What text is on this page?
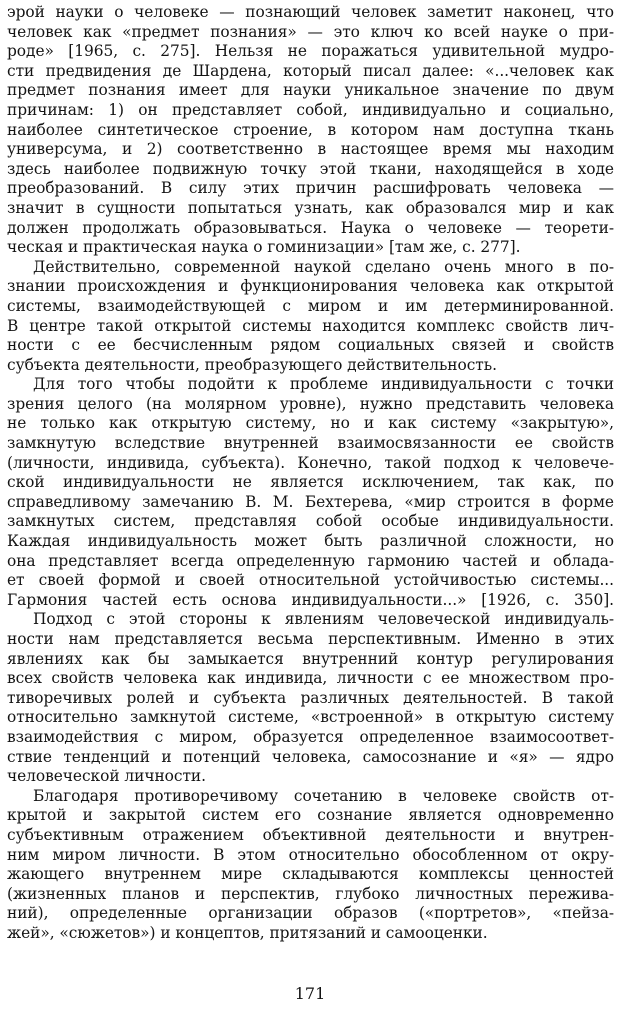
эрой науки о человеке — познающий человек заметит наконец, что
человек как «предмет познания» — это ключ ко всей науке о при-
роде» [1965, с. 275]. Нельзя не поражаться удивительной мудро-
сти предвидения де Шардена, который писал далее: «...человек как
предмет познания имеет для науки уникальное значение по двум
причинам: 1) он представляет собой, индивидуально и социально,
наиболее синтетическое строение, в котором нам доступна ткань
универсума, и 2) соответственно в настоящее время мы находим
здесь наиболее подвижную точку этой ткани, находящейся в ходе
преобразований. В силу этих причин расшифровать человека —
значит в сущности попытаться узнать, как образовался мир и как
должен продолжать образовываться. Наука о человеке — теорети-
ческая и практическая наука о гоминизации» [там же, с. 277].
Действительно, современной наукой сделано очень много в по-
знании происхождения и функционирования человека как открытой
системы, взаимодействующей с миром и им детерминированной.
В центре такой открытой системы находится комплекс свойств лич-
ности с ее бесчисленным рядом социальных связей и свойств
субъекта деятельности, преобразующего действительность.
Для того чтобы подойти к проблеме индивидуальности с точки
зрения целого (на молярном уровне), нужно представить человека
не только как открытую систему, но и как систему «закрытую»,
замкнутую вследствие внутренней взаимосвязанности ее свойств
(личности, индивида, субъекта). Конечно, такой подход к человече-
ской индивидуальности не является исключением, так как, по
справедливому замечанию В. М. Бехтерева, «мир строится в форме
замкнутых систем, представляя собой особые индивидуальности.
Каждая индивидуальность может быть различной сложности, но
она представляет всегда определенную гармонию частей и облада-
ет своей формой и своей относительной устойчивостью системы...
Гармония частей есть основа индивидуальности...» [1926, с. 350].
Подход с этой стороны к явлениям человеческой индивидуаль-
ности нам представляется весьма перспективным. Именно в этих
явлениях как бы замыкается внутренний контур регулирования
всех свойств человека как индивида, личности с ее множеством про-
тиворечивых ролей и субъекта различных деятельностей. В такой
относительно замкнутой системе, «встроенной» в открытую систему
взаимодействия с миром, образуется определенное взаимосоответ-
ствие тенденций и потенций человека, самосознание и «я» — ядро
человеческой личности.
Благодаря противоречивому сочетанию в человеке свойств от-
крытой и закрытой систем его сознание является одновременно
субъективным отражением объективной деятельности и внутрен-
ним миром личности. В этом относительно обособленном от окру-
жающего внутреннем мире складываются комплексы ценностей
(жизненных планов и перспектив, глубоко личностных пережива-
ний), определенные организации образов («портретов», «пейза-
жей», «сюжетов») и концептов, притязаний и самооценки.
171
